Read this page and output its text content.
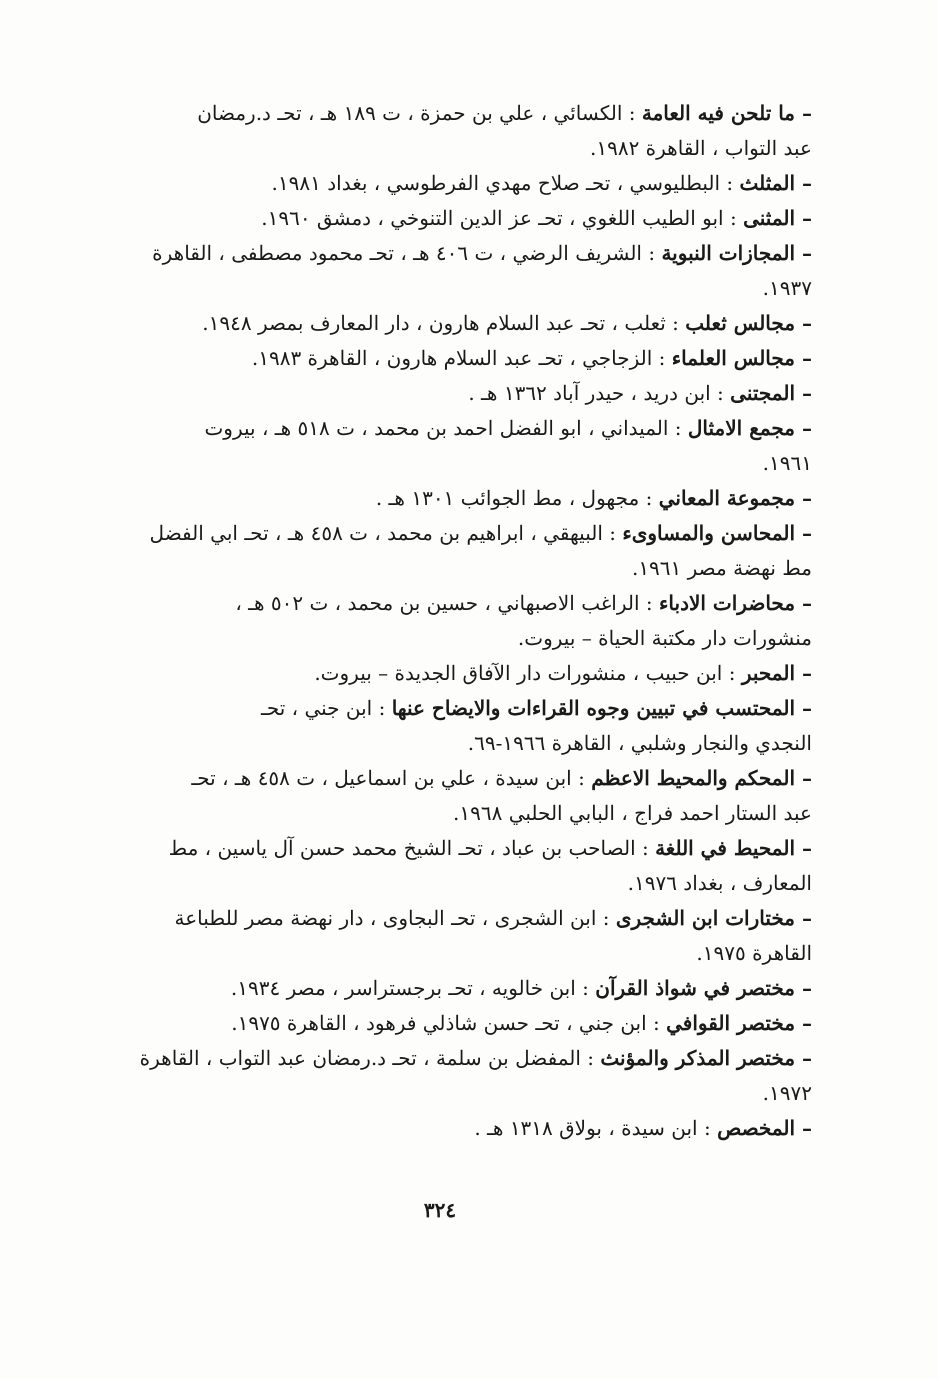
– ما تلحن فيه العامة : الكسائي ، علي بن حمزة ، ت ١٨٩ هـ ، تحـ د.رمضان
عبد التواب ، القاهرة ١٩٨٢.

– المثلث : البطليوسي ، تحـ صلاح مهدي الفرطوسي ، بغداد ١٩٨١.

– المثنى : ابو الطيب اللغوي ، تحـ عز الدين التنوخي ، دمشق ١٩٦٠.

– المجازات النبوية : الشريف الرضي ، ت ٤٠٦ هـ ، تحـ محمود مصطفى ، القاهرة
١٩٣٧.

– مجالس ثعلب : ثعلب ، تحـ عبد السلام هارون ، دار المعارف بمصر ١٩٤٨.

– مجالس العلماء : الزجاجي ، تحـ عبد السلام هارون ، القاهرة ١٩٨٣.

– المجتنى : ابن دريد ، حيدر آباد ١٣٦٢ هـ .

– مجمع الامثال : الميداني ، ابو الفضل احمد بن محمد ، ت ٥١٨ هـ ، بيروت
١٩٦١.

– مجموعة المعاني : مجهول ، مط الجوائب ١٣٠١ هـ .

– المحاسن والمساوىء : البيهقي ، ابراهيم بن محمد ، ت ٤٥٨ هـ ، تحـ ابي الفضل
مط نهضة مصر ١٩٦١.

– محاضرات الادباء : الراغب الاصبهاني ، حسين بن محمد ، ت ٥٠٢ هـ ،
منشورات دار مكتبة الحياة – بيروت.

– المحبر : ابن حبيب ، منشورات دار الآفاق الجديدة – بيروت.

– المحتسب في تبيين وجوه القراءات والايضاح عنها : ابن جني ، تحـ
النجدي والنجار وشلبي ، القاهرة ١٩٦٦-٦٩.

– المحكم والمحيط الاعظم : ابن سيدة ، علي بن اسماعيل ، ت ٤٥٨ هـ ، تحـ
عبد الستار احمد فراج ، البابي الحلبي ١٩٦٨.

– المحيط في اللغة : الصاحب بن عباد ، تحـ الشيخ محمد حسن آل ياسين ، مط
المعارف ، بغداد ١٩٧٦.

– مختارات ابن الشجرى : ابن الشجرى ، تحـ البجاوى ، دار نهضة مصر للطباعة
القاهرة ١٩٧٥.

– مختصر في شواذ القرآن : ابن خالويه ، تحـ برجستراسر ، مصر ١٩٣٤.

– مختصر القوافي : ابن جني ، تحـ حسن شاذلي فرهود ، القاهرة ١٩٧٥.

– مختصر المذكر والمؤنث : المفضل بن سلمة ، تحـ د.رمضان عبد التواب ، القاهرة
١٩٧٢.

– المخصص : ابن سيدة ، بولاق ١٣١٨ هـ .

٣٢٤
